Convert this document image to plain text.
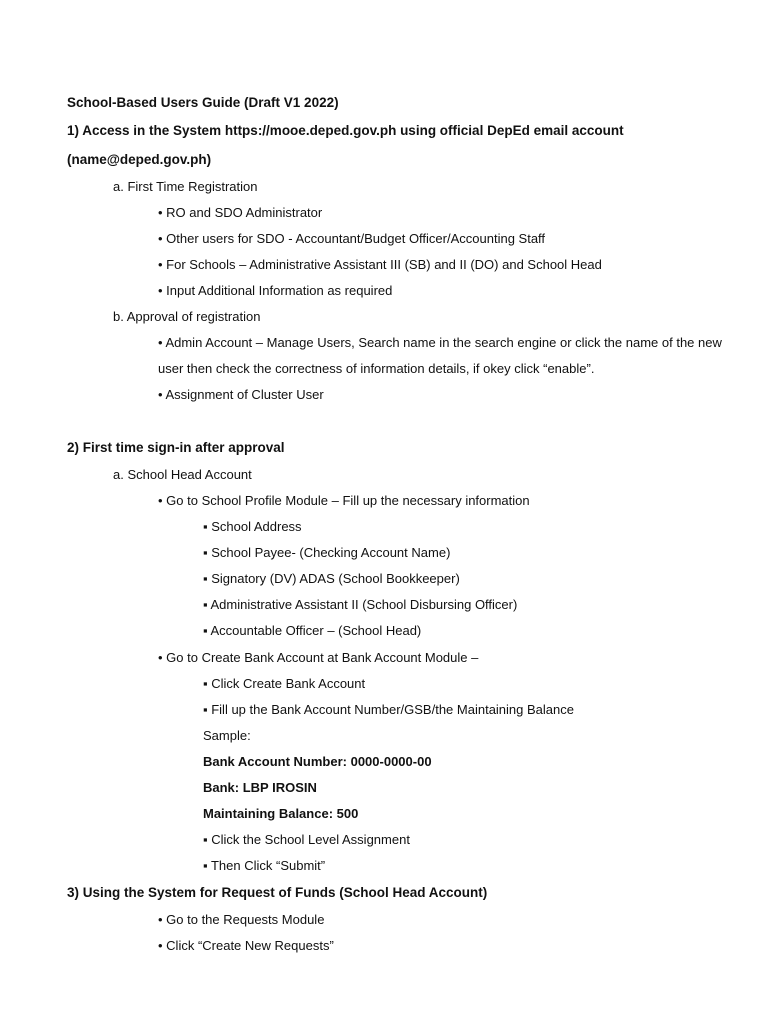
School-Based Users Guide (Draft V1 2022)
1) Access in the System https://mooe.deped.gov.ph using official DepEd email account
(name@deped.gov.ph)
a. First Time Registration
• RO and SDO Administrator
• Other users for SDO - Accountant/Budget Officer/Accounting Staff
• For Schools – Administrative Assistant III (SB) and II (DO) and School Head
• Input Additional Information as required
b. Approval of registration
• Admin Account – Manage Users, Search name in the search engine or click the name of the new
user then check the correctness of information details, if okey click “enable”.
• Assignment of Cluster User
2) First time sign-in after approval
a. School Head Account
• Go to School Profile Module – Fill up the necessary information
▪ School Address
▪ School Payee- (Checking Account Name)
▪ Signatory (DV) ADAS (School Bookkeeper)
▪ Administrative Assistant II (School Disbursing Officer)
▪ Accountable Officer – (School Head)
• Go to Create Bank Account at Bank Account Module –
▪ Click Create Bank Account
▪ Fill up the Bank Account Number/GSB/the Maintaining Balance
Sample:
Bank Account Number: 0000-0000-00
Bank: LBP IROSIN
Maintaining Balance: 500
▪ Click the School Level Assignment
▪ Then Click “Submit”
3) Using the System for Request of Funds (School Head Account)
• Go to the Requests Module
• Click “Create New Requests”
